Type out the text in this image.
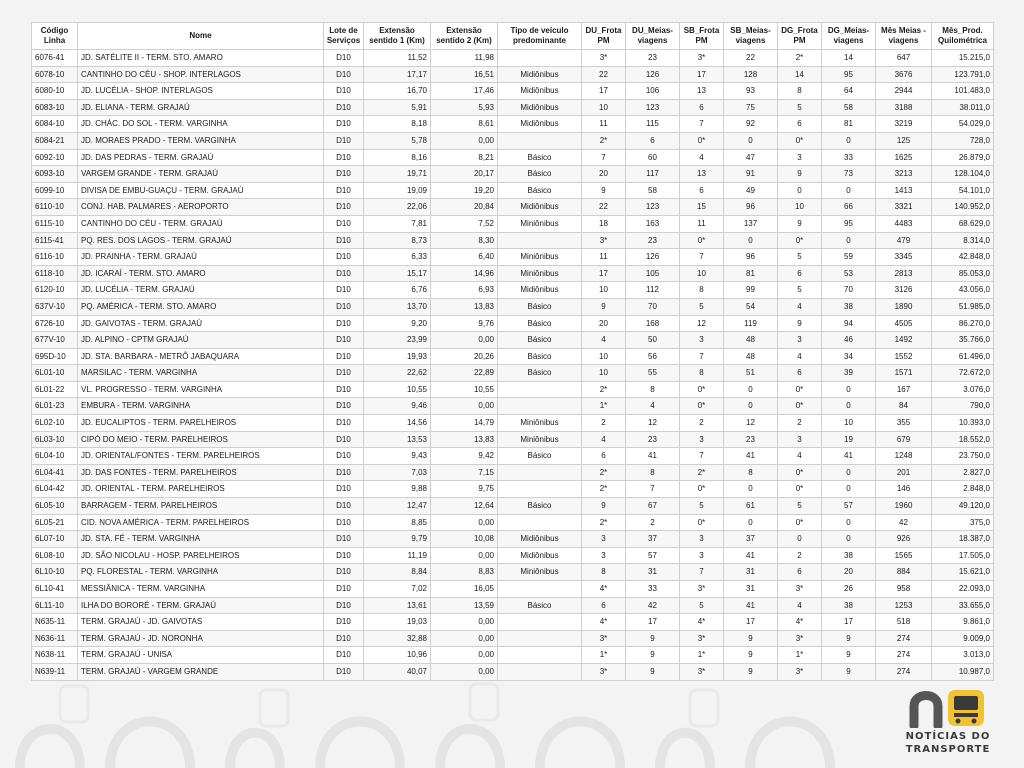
Código Linha	Nome	Lote de Serviços	Extensão sentido 1 (Km)	Extensão sentido 2 (Km)	Tipo de veículo predominante	DU_Frota PM	DU_Meias-viagens	SB_Frota PM	SB_Meias-viagens	DG_Frota PM	DG_Meias-viagens	Mês Meias - viagens	Mês_Prod. Quilométrica
6076-41	JD. SATÉLITE II - TERM. STO. AMARO	D10	11,52	11,98		3*	23	3*	22	2*	14	647	15.215,0
6078-10	CANTINHO DO CÉU - SHOP. INTERLAGOS	D10	17,17	16,51	Midiônibus	22	126	17	128	14	95	3676	123.791,0
6080-10	JD. LUCÉLIA - SHOP. INTERLAGOS	D10	16,70	17,46	Midiônibus	17	106	13	93	8	64	2944	101.483,0
6083-10	JD. ELIANA - TERM. GRAJAÚ	D10	5,91	5,93	Midiônibus	10	123	6	75	5	58	3188	38.011,0
6084-10	JD. CHÁC. DO SOL - TERM. VARGINHA	D10	8,18	8,61	Midiônibus	11	115	7	92	6	81	3219	54.029,0
6084-21	JD. MORAES PRADO - TERM. VARGINHA	D10	5,78	0,00		2*	6	0*	0	0*	0	125	728,0
6092-10	JD. DAS PEDRAS - TERM. GRAJAÚ	D10	8,16	8,21	Básico	7	60	4	47	3	33	1625	26.879,0
6093-10	VARGEM GRANDE - TERM. GRAJAÚ	D10	19,71	20,17	Básico	20	117	13	91	9	73	3213	128.104,0
6099-10	DIVISA DE EMBU-GUAÇU - TERM. GRAJAÚ	D10	19,09	19,20	Básico	9	58	6	49	0	0	1413	54.101,0
6110-10	CONJ. HAB. PALMARES - AEROPORTO	D10	22,06	20,84	Midiônibus	22	123	15	96	10	66	3321	140.952,0
6115-10	CANTINHO DO CÉU - TERM. GRAJAÚ	D10	7,81	7,52	Miniônibus	18	163	11	137	9	95	4483	68.629,0
6115-41	PQ. RES. DOS LAGOS - TERM. GRAJAÚ	D10	8,73	8,30		3*	23	0*	0	0*	0	479	8.314,0
6116-10	JD. PRAINHA - TERM. GRAJAÚ	D10	6,33	6,40	Miniônibus	11	126	7	96	5	59	3345	42.848,0
6118-10	JD. ICARAÍ - TERM. STO. AMARO	D10	15,17	14,96	Miniônibus	17	105	10	81	6	53	2813	85.053,0
6120-10	JD. LUCÉLIA - TERM. GRAJAÚ	D10	6,76	6,93	Midiônibus	10	112	8	99	5	70	3126	43.056,0
637V-10	PQ. AMÉRICA - TERM. STO. AMARO	D10	13,70	13,83	Básico	9	70	5	54	4	38	1890	51.985,0
6726-10	JD. GAIVOTAS - TERM. GRAJAÚ	D10	9,20	9,76	Básico	20	168	12	119	9	94	4505	86.270,0
677V-10	JD. ALPINO - CPTM GRAJAÚ	D10	23,99	0,00	Básico	4	50	3	48	3	46	1492	35.766,0
695D-10	JD. STA. BARBARA - METRÔ JABAQUARA	D10	19,93	20,26	Básico	10	56	7	48	4	34	1552	61.496,0
6L01-10	MARSILAC - TERM. VARGINHA	D10	22,62	22,89	Básico	10	55	8	51	6	39	1571	72.672,0
6L01-22	VL. PROGRESSO - TERM. VARGINHA	D10	10,55	10,55		2*	8	0*	0	0*	0	167	3.076,0
6L01-23	EMBURA - TERM. VARGINHA	D10	9,46	0,00		1*	4	0*	0	0*	0	84	790,0
6L02-10	JD. EUCALIPTOS - TERM. PARELHEIROS	D10	14,56	14,79	Miniônibus	2	12	2	12	2	10	355	10.393,0
6L03-10	CIPÓ DO MEIO - TERM. PARELHEIROS	D10	13,53	13,83	Miniônibus	4	23	3	23	3	19	679	18.552,0
6L04-10	JD. ORIENTAL/FONTES - TERM. PARELHEIROS	D10	9,43	9,42	Básico	6	41	7	41	4	41	1248	23.750,0
6L04-41	JD. DAS FONTES - TERM. PARELHEIROS	D10	7,03	7,15		2*	8	2*	8	0*	0	201	2.827,0
6L04-42	JD. ORIENTAL - TERM. PARELHEIROS	D10	9,88	9,75		2*	7	0*	0	0*	0	146	2.848,0
6L05-10	BARRAGEM - TERM. PARELHEIROS	D10	12,47	12,64	Básico	9	67	5	61	5	57	1960	49.120,0
6L05-21	CID. NOVA AMÉRICA - TERM. PARELHEIROS	D10	8,85	0,00		2*	2	0*	0	0*	0	42	375,0
6L07-10	JD. STA. FÉ - TERM. VARGINHA	D10	9,79	10,08	Midiônibus	3	37	3	37	0	0	926	18.387,0
6L08-10	JD. SÃO NICOLAU - HOSP. PARELHEIROS	D10	11,19	0,00	Midiônibus	3	57	3	41	2	38	1565	17.505,0
6L10-10	PQ. FLORESTAL - TERM. VARGINHA	D10	8,84	8,83	Miniônibus	8	31	7	31	6	20	884	15.621,0
6L10-41	MESSIÂNICA - TERM. VARGINHA	D10	7,02	16,05		4*	33	3*	31	3*	26	958	22.093,0
6L11-10	ILHA DO BORORÉ - TERM. GRAJAÚ	D10	13,61	13,59	Básico	6	42	5	41	4	38	1253	33.655,0
N635-11	TERM. GRAJAÚ - JD. GAIVOTAS	D10	19,03	0,00		4*	17	4*	17	4*	17	518	9.861,0
N636-11	TERM. GRAJAÚ - JD. NORONHA	D10	32,88	0,00		3*	9	3*	9	3*	9	274	9.009,0
N638-11	TERM. GRAJAÚ - UNISA	D10	10,96	0,00		1*	9	1*	9	1*	9	274	3.013,0
N639-11	TERM. GRAJAÚ - VARGEM GRANDE	D10	40,07	0,00		3*	9	3*	9	3*	9	274	10.987,0
NOTÍCIAS DO
TRANSPORTE
